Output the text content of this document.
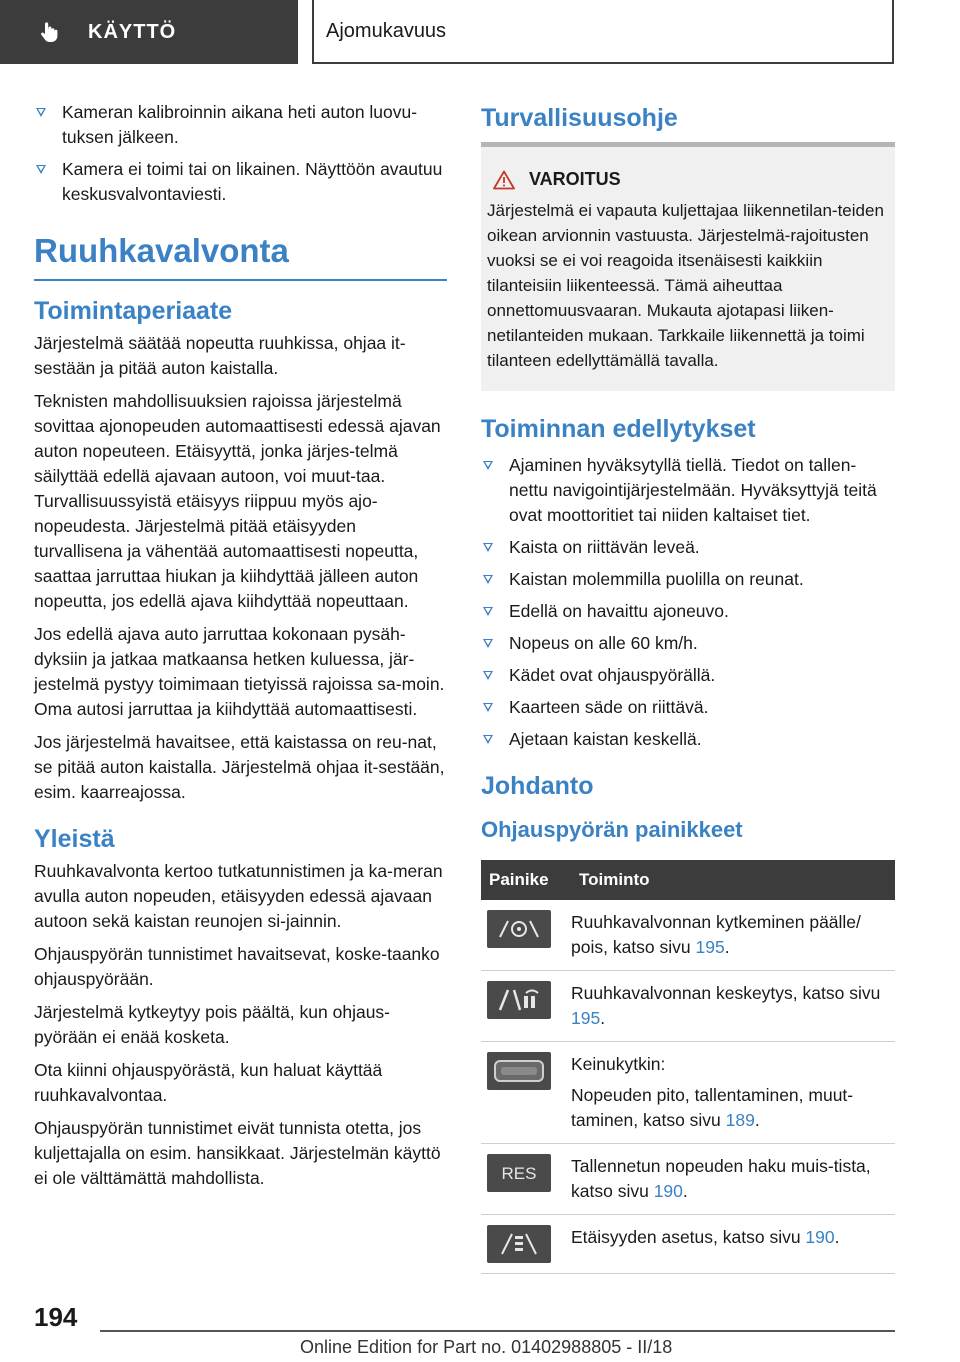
KÄYTTÖ	Ajomukavuus
Kameran kalibroinnin aikana heti auton luovu-tuksen jälkeen.
Kamera ei toimi tai on likainen. Näyttöön avautuu keskusvalvontaviesti.
Ruuhkavalvonta
Toimintaperiaate

Järjestelmä säätää nopeutta ruuhkissa, ohjaa it-sestään ja pitää auton kaistalla.

Teknisten mahdollisuuksien rajoissa järjestelmä sovittaa ajonopeuden automaattisesti edessä ajavan auton nopeuteen. Etäisyyttä, jonka järjes-telmä säilyttää edellä ajavaan autoon, voi muut-taa. Turvallisuussyistä etäisyys riippuu myös ajo-nopeudesta. Järjestelmä pitää etäisyyden turvallisena ja vähentää automaattisesti nopeutta, saattaa jarruttaa hiukan ja kiihdyttää jälleen auton nopeutta, jos edellä ajava kiihdyttää nopeuttaan.

Jos edellä ajava auto jarruttaa kokonaan pysäh-dyksiin ja jatkaa matkaansa hetken kuluessa, jär-jestelmä pystyy toimimaan tietyissä rajoissa sa-moin. Oma autosi jarruttaa ja kiihdyttää automaattisesti.

Jos järjestelmä havaitsee, että kaistassa on reu-nat, se pitää auton kaistalla. Järjestelmä ohjaa it-sestään, esim. kaarreajossa.

Yleistä

Ruuhkavalvonta kertoo tutkatunnistimen ja ka-meran avulla auton nopeuden, etäisyyden edessä ajavaan autoon sekä kaistan reunojen si-jainnin.

Ohjauspyörän tunnistimet havaitsevat, koske-taanko ohjauspyörään.

Järjestelmä kytkeytyy pois päältä, kun ohjaus-pyörään ei enää kosketa.

Ota kiinni ohjauspyörästä, kun haluat käyttää ruuhkavalvontaa.

Ohjauspyörän tunnistimet eivät tunnista otetta, jos kuljettajalla on esim. hansikkaat. Järjestelmän käyttö ei ole välttämättä mahdollista.

Turvallisuusohje
VAROITUS

Järjestelmä ei vapauta kuljettajaa liikennetilan-teiden oikean arvionnin vastuusta. Järjestelmä-rajoitusten vuoksi se ei voi reagoida itsenäisesti kaikkiin tilanteisiin liikenteessä. Tämä aiheuttaa onnettomuusvaaran. Mukauta ajotapasi liiken-netilanteiden mukaan. Tarkkaile liikennettä ja toimi tilanteen edellyttämällä tavalla.

Toiminnan edellytykset
Ajaminen hyväksytyllä tiellä. Tiedot on tallen-nettu navigointijärjestelmään. Hyväksyttyjä teitä ovat moottoritiet tai niiden kaltaiset tiet.
Kaista on riittävän leveä.
Kaistan molemmilla puolilla on reunat.
Edellä on havaittu ajoneuvo.
Nopeus on alle 60 km/h.
Kädet ovat ohjauspyörällä.
Kaarteen säde on riittävä.
Ajetaan kaistan keskellä.
Johdanto
Ohjauspyörän painikkeet
Painike	Toiminto

	Ruuhkavalvonnan kytkeminen päälle/ pois, katso sivu 195.

	Ruuhkavalvonnan keskeytys, katso sivu 195.

Keinukytkin:

Nopeuden pito, tallentaminen, muut-taminen, katso sivu 189.

RES	Tallennetun nopeuden haku muis-tista, katso sivu 190.

	Etäisyyden asetus, katso sivu 190.
194
Online Edition for Part no. 01402988805 - II/18
